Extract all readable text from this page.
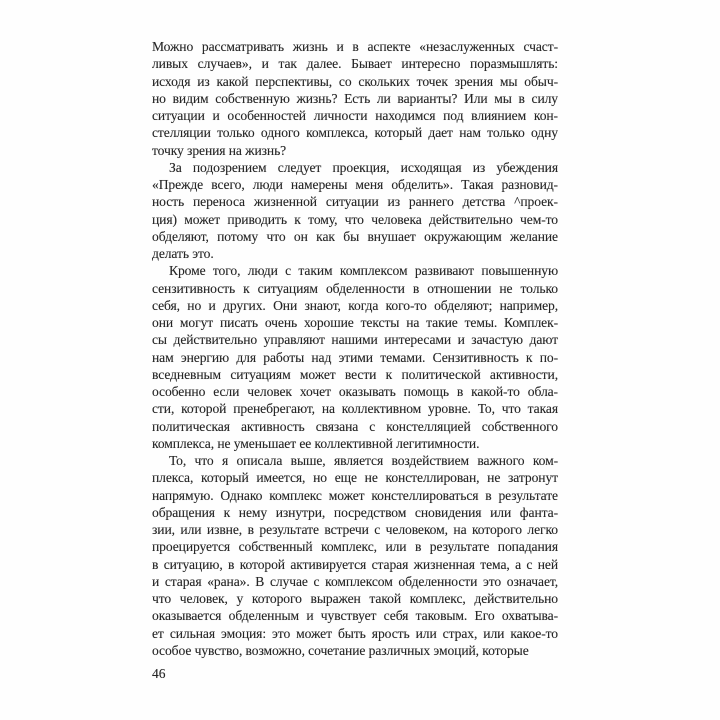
Можно рассматривать жизнь и в аспекте «незаслуженных счаст-
ливых случаев», и так далее. Бывает интересно поразмышлять:
исходя из какой перспективы, со скольких точек зрения мы обыч-
но видим собственную жизнь? Есть ли варианты? Или мы в силу
ситуации и особенностей личности находимся под влиянием кон-
стелляции только одного комплекса, который дает нам только одну
точку зрения на жизнь?
За подозрением следует проекция, исходящая из убеждения
«Прежде всего, люди намерены меня обделить». Такая разновид-
ность переноса жизненной ситуации из раннего детства ^проек-
ция) может приводить к тому, что человека действительно чем-то
обделяют, потому что он как бы внушает окружающим желание
делать это.
Кроме того, люди с таким комплексом развивают повышенную
сензитивность к ситуациям обделенности в отношении не только
себя, но и других. Они знают, когда кого-то обделяют; например,
они могут писать очень хорошие тексты на такие темы. Комплек-
сы действительно управляют нашими интересами и зачастую дают
нам энергию для работы над этими темами. Сензитивность к по-
вседневным ситуациям может вести к политической активности,
особенно если человек хочет оказывать помощь в какой-то обла-
сти, которой пренебрегают, на коллективном уровне. То, что такая
политическая активность связана с констелляцией собственного
комплекса, не уменьшает ее коллективной легитимности.
То, что я описала выше, является воздействием важного ком-
плекса, который имеется, но еще не констеллирован, не затронут
напрямую. Однако комплекс может констеллироваться в результате
обращения к нему изнутри, посредством сновидения или фанта-
зии, или извне, в результате встречи с человеком, на которого легко
проецируется собственный комплекс, или в результате попадания
в ситуацию, в которой активируется старая жизненная тема, а с ней
и старая «рана». В случае с комплексом обделенности это означает,
что человек, у которого выражен такой комплекс, действительно
оказывается обделенным и чувствует себя таковым. Его охватыва-
ет сильная эмоция: это может быть ярость или страх, или какое-то
особое чувство, возможно, сочетание различных эмоций, которые
46
